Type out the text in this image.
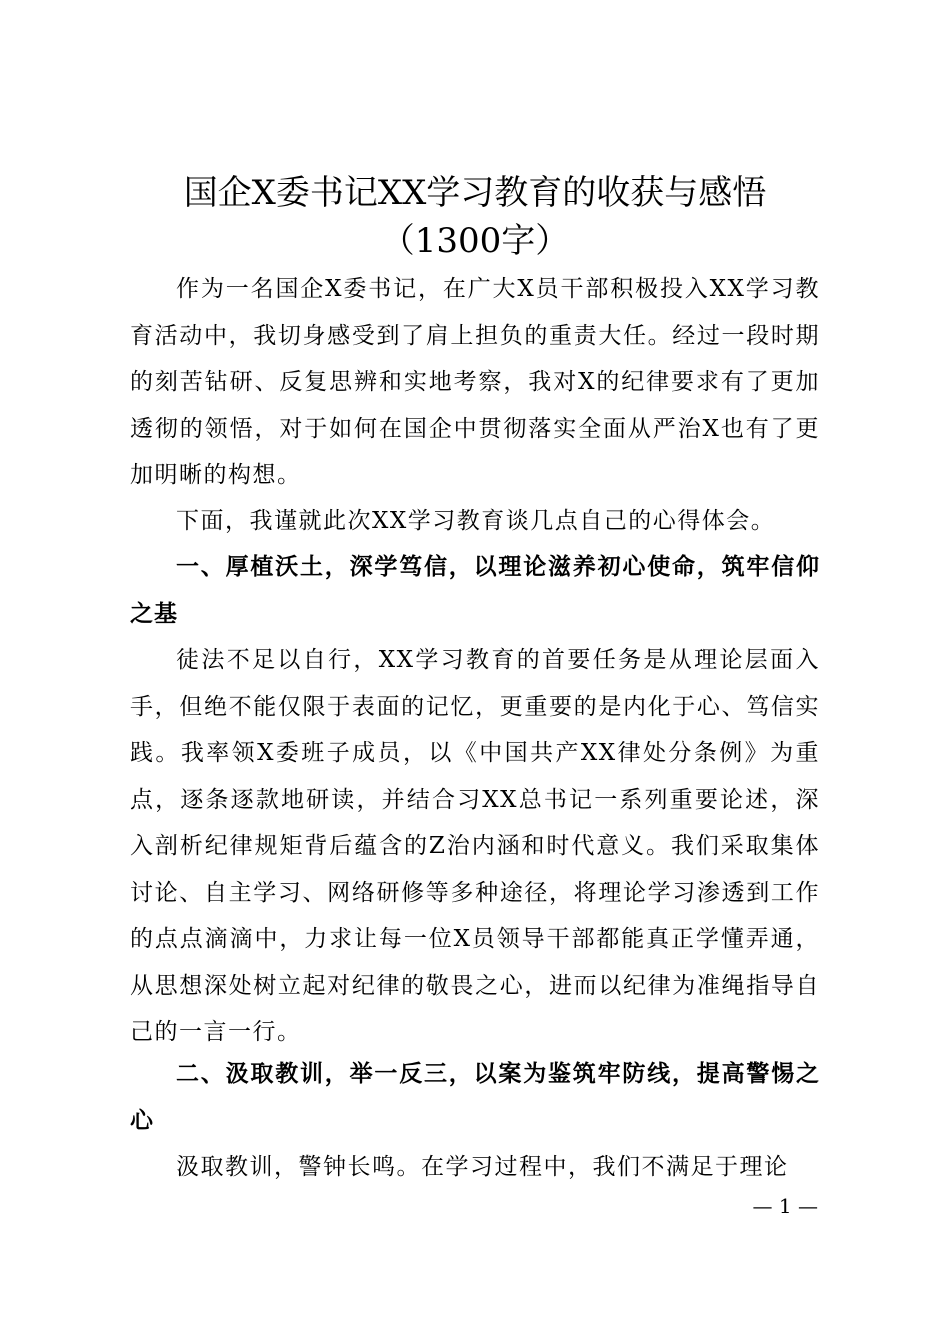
国企X委书记XX学习教育的收获与感悟
（1300字）

作为一名国企X委书记，在广大X员干部积极投入XX学习教育活动中，我切身感受到了肩上担负的重责大任。经过一段时期的刻苦钻研、反复思辨和实地考察，我对X的纪律要求有了更加透彻的领悟，对于如何在国企中贯彻落实全面从严治X也有了更加明晰的构想。

下面，我谨就此次XX学习教育谈几点自己的心得体会。

一、厚植沃土，深学笃信，以理论滋养初心使命，筑牢信仰之基

徒法不足以自行，XX学习教育的首要任务是从理论层面入手，但绝不能仅限于表面的记忆，更重要的是内化于心、笃信实践。我率领X委班子成员，以《中国共产XX律处分条例》为重点，逐条逐款地研读，并结合习XX总书记一系列重要论述，深入剖析纪律规矩背后蕴含的Z治内涵和时代意义。我们采取集体讨论、自主学习、网络研修等多种途径，将理论学习渗透到工作的点点滴滴中，力求让每一位X员领导干部都能真正学懂弄通，从思想深处树立起对纪律的敬畏之心，进而以纪律为准绳指导自己的一言一行。

二、汲取教训，举一反三，以案为鉴筑牢防线，提高警惕之心

汲取教训，警钟长鸣。在学习过程中，我们不满足于理论

— 1 —
